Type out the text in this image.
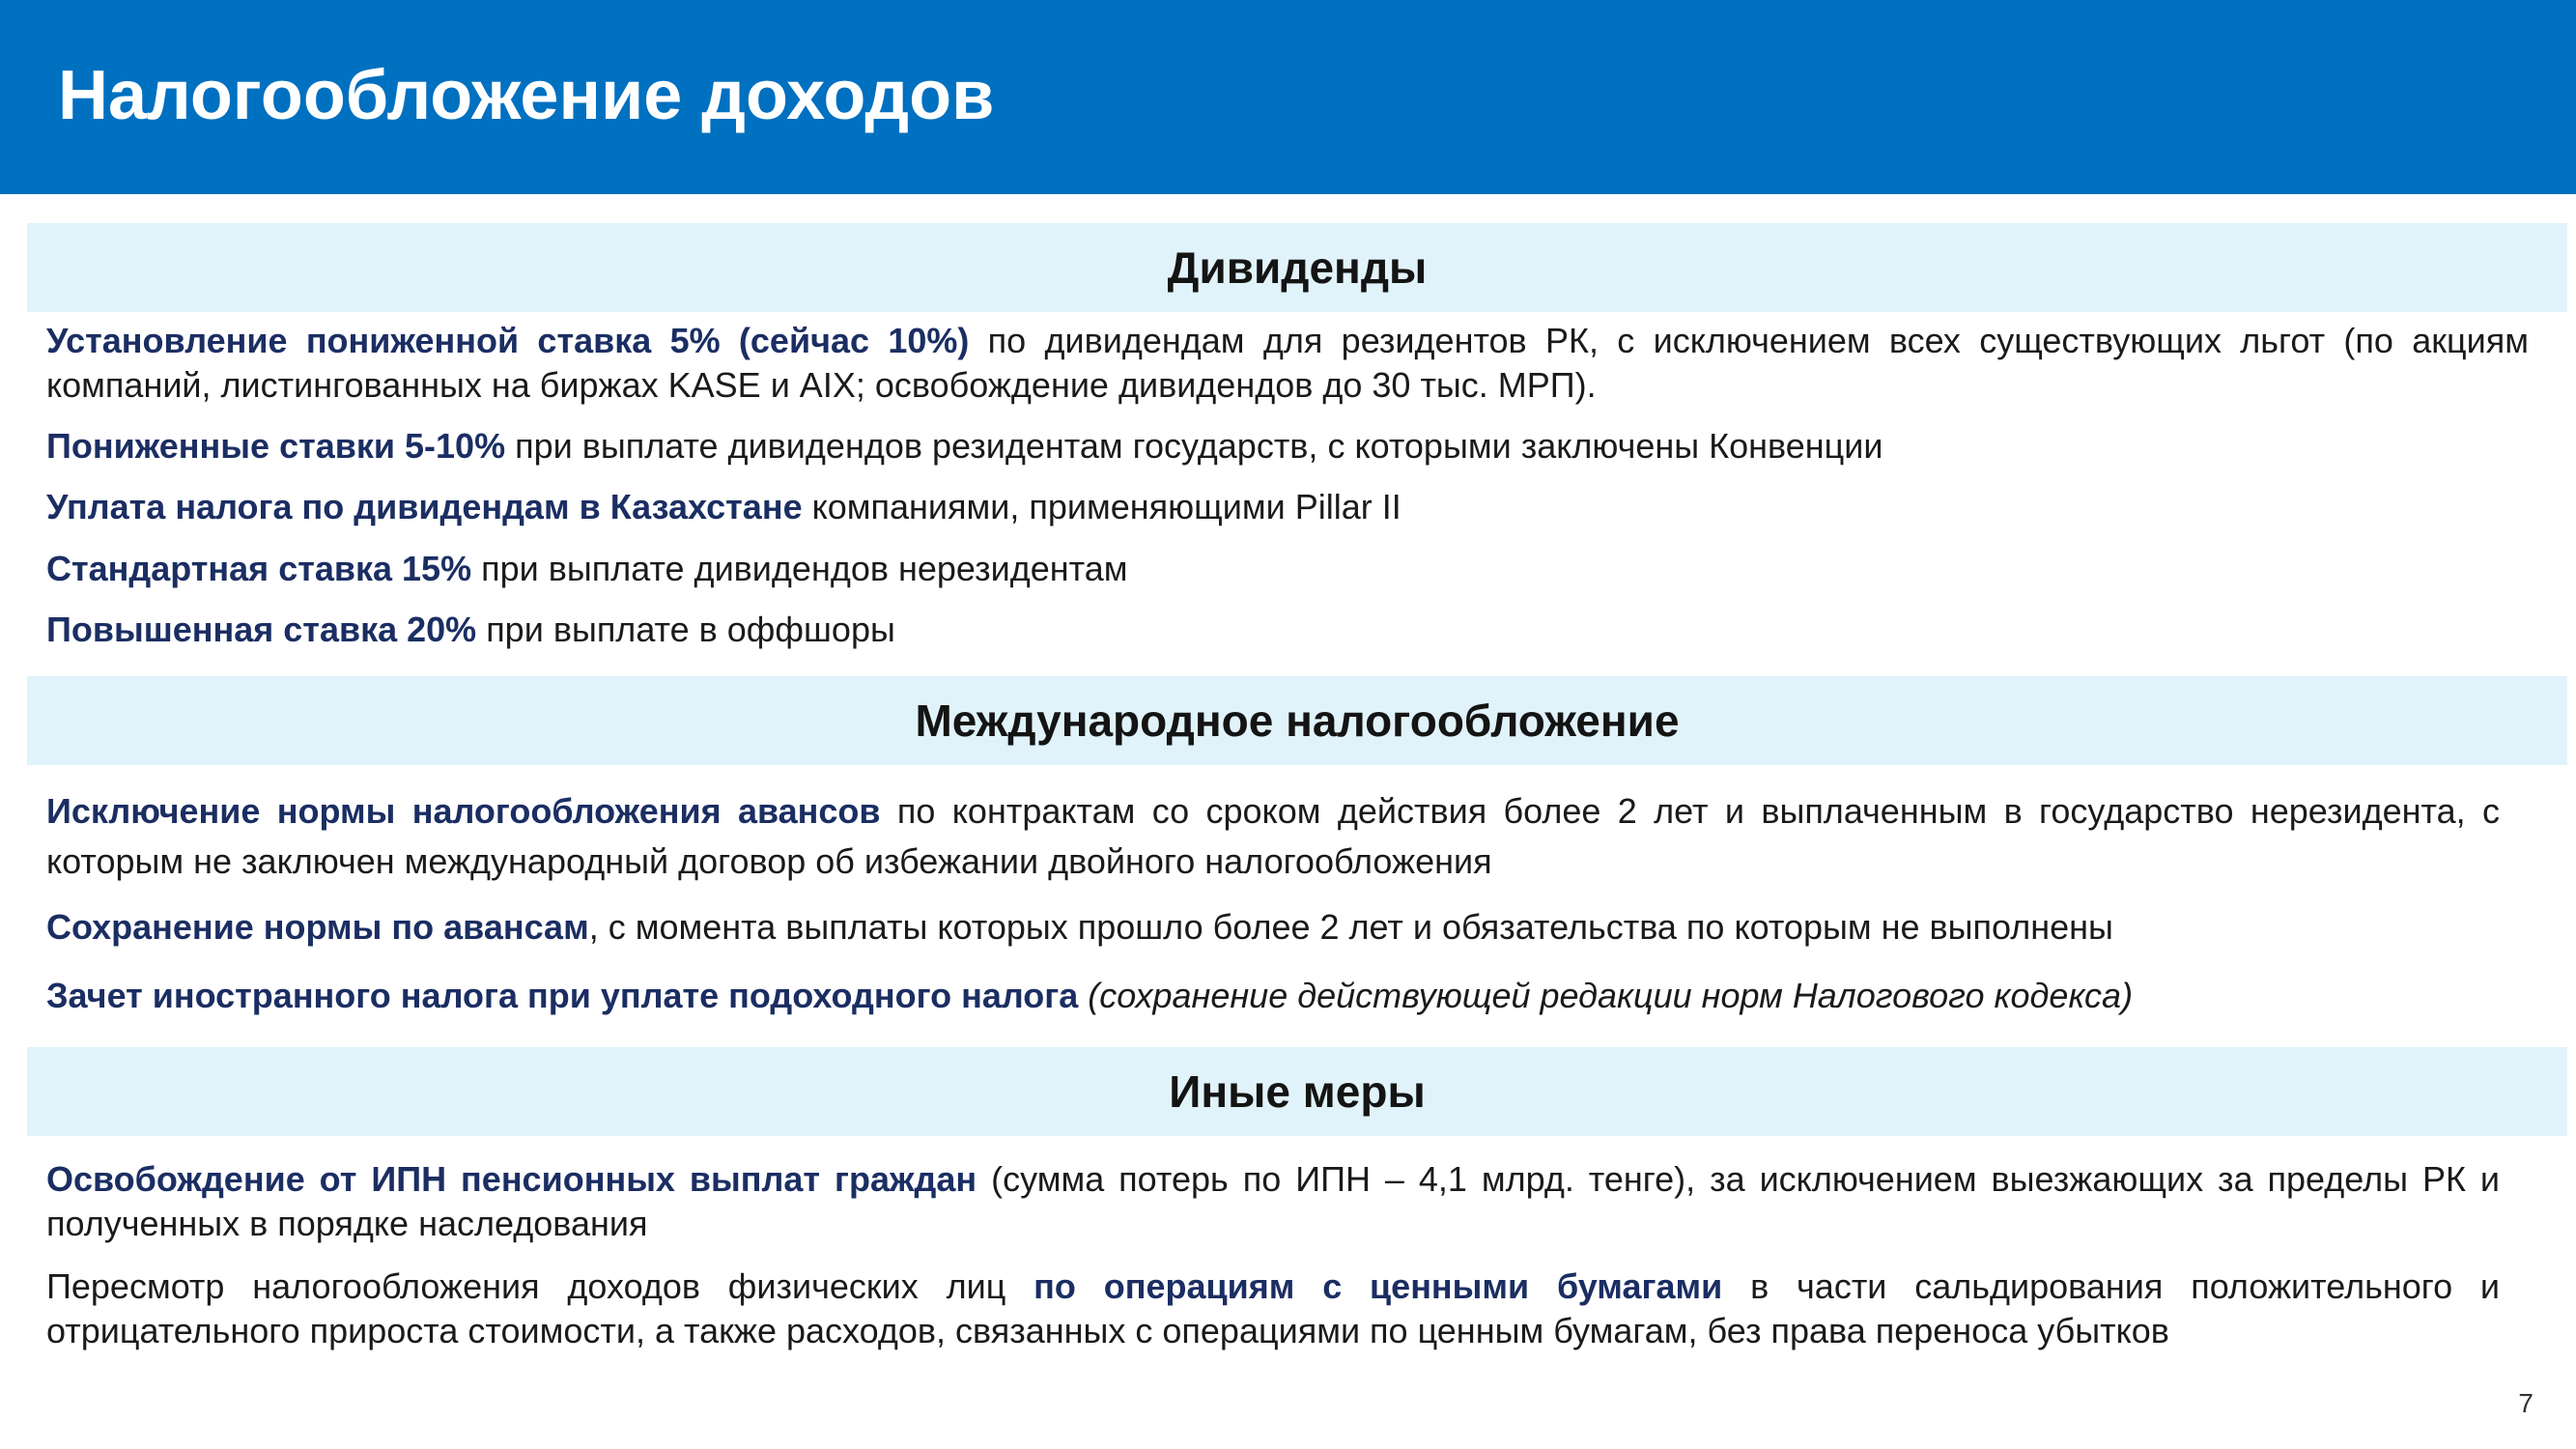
Налогообложение доходов
Дивиденды
Установление пониженной ставка 5% (сейчас 10%) по дивидендам для резидентов РК, с исключением всех существующих льгот (по акциям компаний, листингованных на биржах KASE и AIX; освобождение дивидендов до 30 тыс. МРП).
Пониженные ставки 5-10% при выплате дивидендов резидентам государств, с которыми заключены Конвенции
Уплата налога по дивидендам в Казахстане компаниями, применяющими Pillar II
Стандартная ставка 15% при выплате дивидендов нерезидентам
Повышенная ставка 20% при выплате в оффшоры
Международное налогообложение
Исключение нормы налогообложения авансов по контрактам со сроком действия более 2 лет и выплаченным в государство нерезидента, с которым не заключен международный договор об избежании двойного налогообложения
Сохранение нормы по авансам, с момента выплаты которых прошло более 2 лет и обязательства по которым не выполнены
Зачет иностранного налога при уплате подоходного налога (сохранение действующей редакции норм Налогового кодекса)
Иные меры
Освобождение от ИПН пенсионных выплат граждан (сумма потерь по ИПН – 4,1 млрд. тенге), за исключением выезжающих за пределы РК и полученных в порядке наследования
Пересмотр налогообложения доходов физических лиц по операциям с ценными бумагами в части сальдирования положительного и отрицательного прироста стоимости, а также расходов, связанных с операциями по ценным бумагам, без права переноса убытков
7
